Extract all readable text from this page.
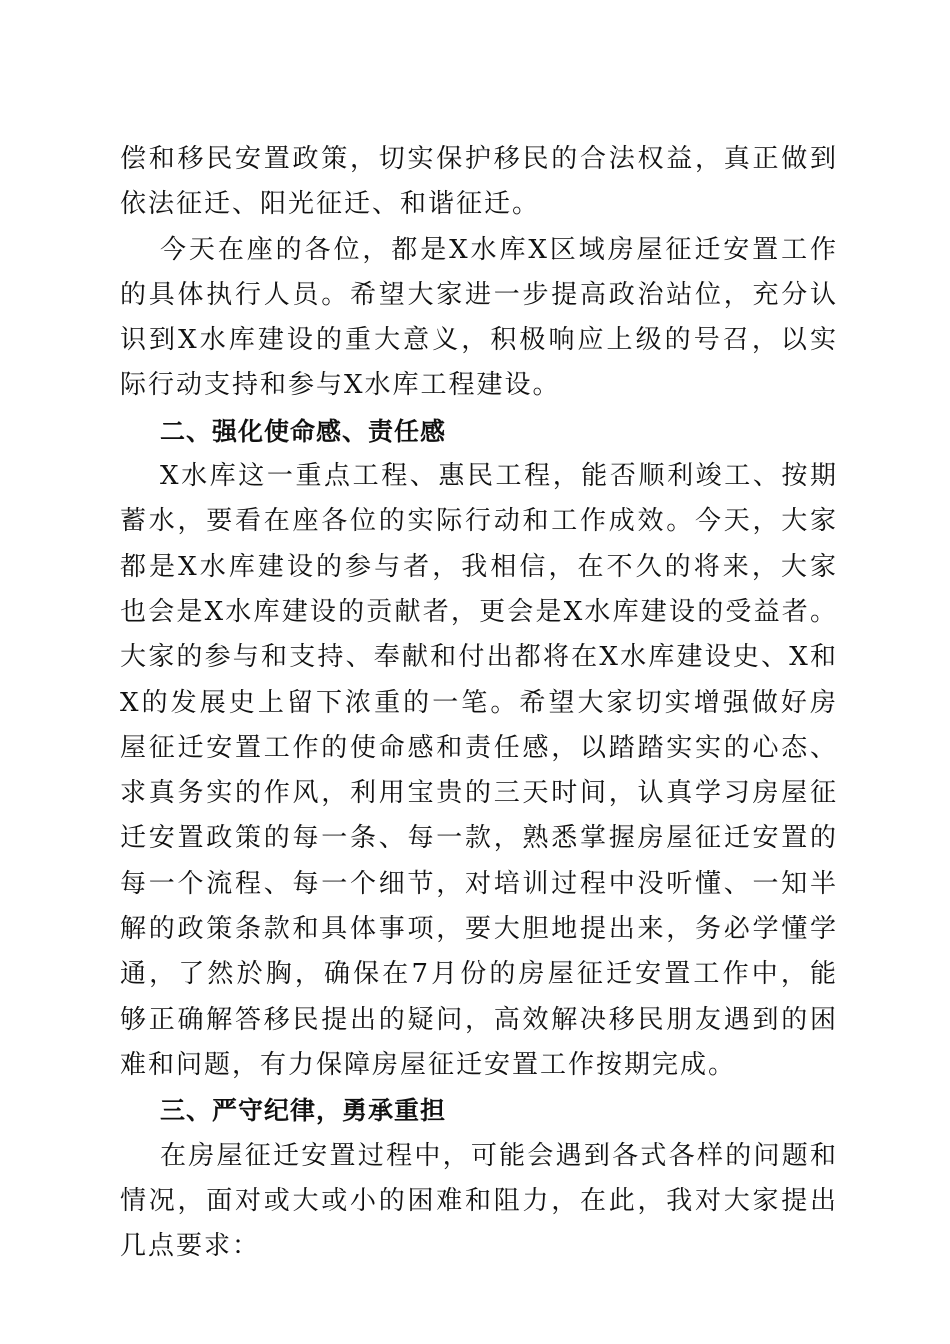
偿和移民安置政策，切实保护移民的合法权益，真正做到依法征迁、阳光征迁、和谐征迁。

今天在座的各位，都是X水库X区域房屋征迁安置工作的具体执行人员。希望大家进一步提高政治站位，充分认识到X水库建设的重大意义，积极响应上级的号召，以实际行动支持和参与X水库工程建设。

二、强化使命感、责任感

X水库这一重点工程、惠民工程，能否顺利竣工、按期蓄水，要看在座各位的实际行动和工作成效。今天，大家都是X水库建设的参与者，我相信，在不久的将来，大家也会是X水库建设的贡献者，更会是X水库建设的受益者。大家的参与和支持、奉献和付出都将在X水库建设史、X和X的发展史上留下浓重的一笔。希望大家切实增强做好房屋征迁安置工作的使命感和责任感，以踏踏实实的心态、求真务实的作风，利用宝贵的三天时间，认真学习房屋征迁安置政策的每一条、每一款，熟悉掌握房屋征迁安置的每一个流程、每一个细节，对培训过程中没听懂、一知半解的政策条款和具体事项，要大胆地提出来，务必学懂学通，了然於胸，确保在7月份的房屋征迁安置工作中，能够正确解答移民提出的疑问，高效解决移民朋友遇到的困难和问题，有力保障房屋征迁安置工作按期完成。

三、严守纪律，勇承重担

在房屋征迁安置过程中，可能会遇到各式各样的问题和情况，面对或大或小的困难和阻力，在此，我对大家提出几点要求：
